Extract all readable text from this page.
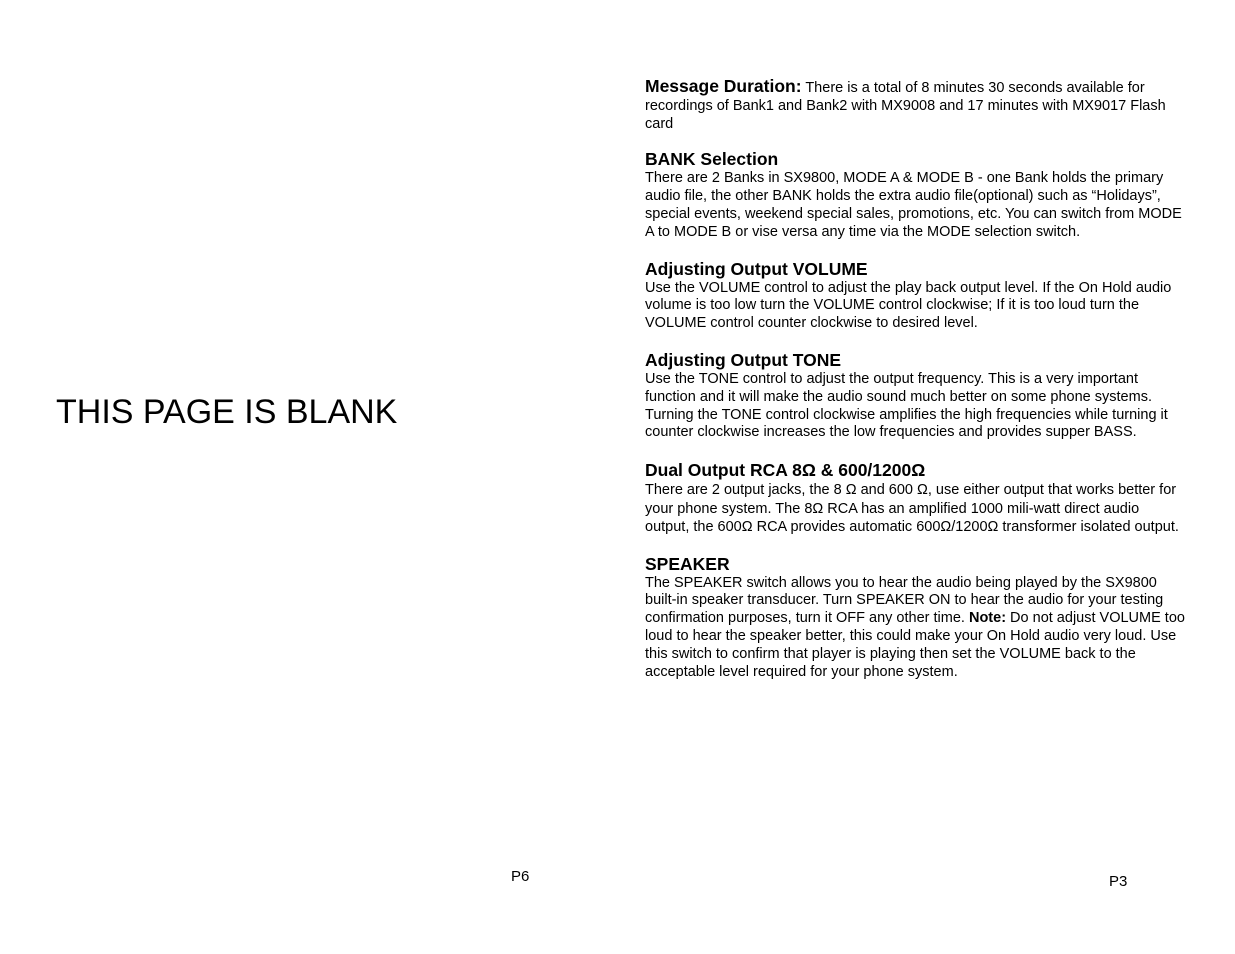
THIS PAGE IS BLANK
P6
Message Duration: There is a total of 8 minutes 30 seconds available for recordings of Bank1 and Bank2 with MX9008 and 17 minutes with MX9017 Flash card
BANK Selection

There are 2 Banks in SX9800, MODE A & MODE B - one Bank holds the primary audio file, the other BANK holds the extra audio file(optional) such as “Holidays”, special events, weekend special sales, promotions, etc. You can switch from MODE A to MODE B or vise versa any time via the MODE selection switch.

Adjusting Output VOLUME

Use the VOLUME control to adjust the play back output level. If the On Hold audio volume is too low turn the VOLUME control clockwise; If it is too loud turn the VOLUME control counter clockwise to desired level.

Adjusting Output TONE

Use the TONE control to adjust the output frequency. This is a very important function and it will make the audio sound much better on some phone systems. Turning the TONE control clockwise amplifies the high frequencies while turning it counter clockwise increases the low frequencies and provides supper BASS.

Dual Output RCA 8Ω & 600/1200Ω

There are 2 output jacks, the 8 Ω and 600 Ω, use either output that works better for your phone system. The 8Ω RCA has an amplified 1000 mili-watt direct audio output, the 600Ω RCA provides automatic 600Ω/1200Ω transformer isolated output.

SPEAKER

The SPEAKER switch allows you to hear the audio being played by the SX9800 built-in speaker transducer. Turn SPEAKER ON to hear the audio for your testing confirmation purposes, turn it OFF any other time. Note: Do not adjust VOLUME too loud to hear the speaker better, this could make your On Hold audio very loud. Use this switch to confirm that player is playing then set the VOLUME back to the acceptable level required for your phone system.

P3
